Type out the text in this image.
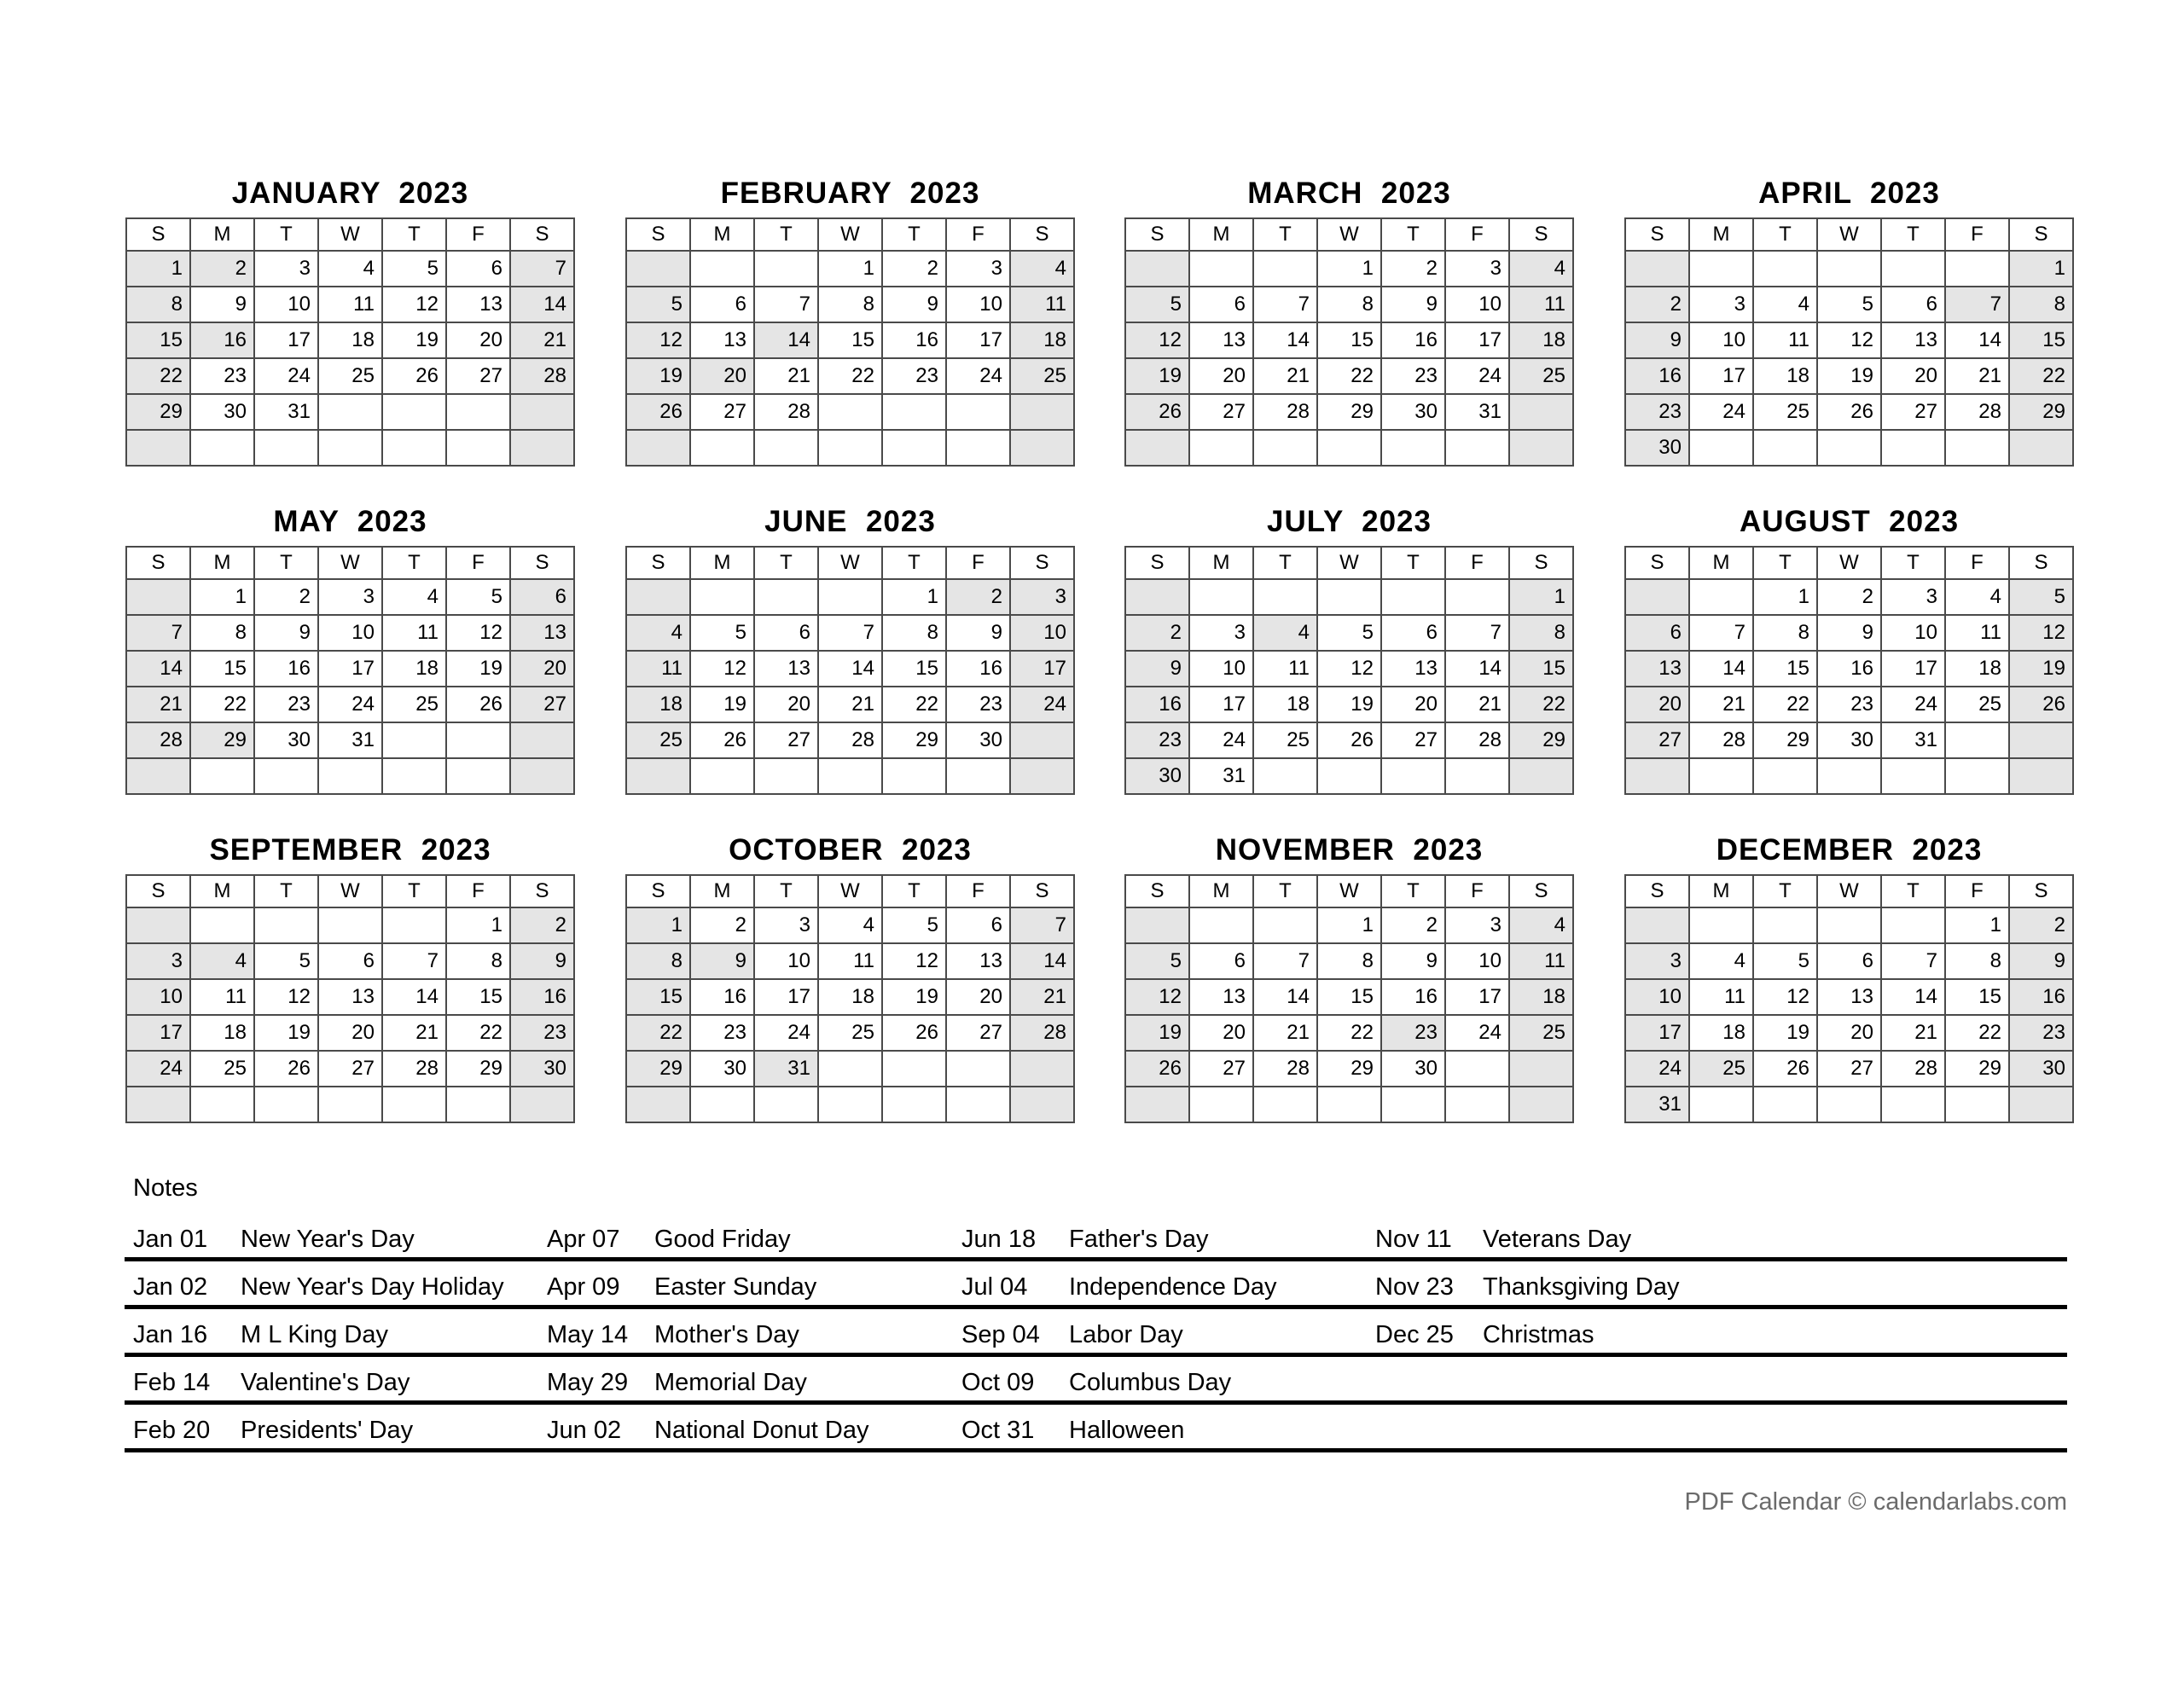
JANUARY  2023
S	M	T	W	T	F	S
1	2	3	4	5	6	7
8	9	10	11	12	13	14
15	16	17	18	19	20	21
22	23	24	25	26	27	28
29	30	31				

FEBRUARY  2023
S	M	T	W	T	F	S
			1	2	3	4
5	6	7	8	9	10	11
12	13	14	15	16	17	18
19	20	21	22	23	24	25
26	27	28				

MARCH  2023
S	M	T	W	T	F	S
			1	2	3	4
5	6	7	8	9	10	11
12	13	14	15	16	17	18
19	20	21	22	23	24	25
26	27	28	29	30	31	

APRIL  2023
S	M	T	W	T	F	S
						1
2	3	4	5	6	7	8
9	10	11	12	13	14	15
16	17	18	19	20	21	22
23	24	25	26	27	28	29
30						
MAY  2023
S	M	T	W	T	F	S
	1	2	3	4	5	6
7	8	9	10	11	12	13
14	15	16	17	18	19	20
21	22	23	24	25	26	27
28	29	30	31			

JUNE  2023
S	M	T	W	T	F	S
				1	2	3
4	5	6	7	8	9	10
11	12	13	14	15	16	17
18	19	20	21	22	23	24
25	26	27	28	29	30	

JULY  2023
S	M	T	W	T	F	S
						1
2	3	4	5	6	7	8
9	10	11	12	13	14	15
16	17	18	19	20	21	22
23	24	25	26	27	28	29
30	31					
AUGUST  2023
S	M	T	W	T	F	S
		1	2	3	4	5
6	7	8	9	10	11	12
13	14	15	16	17	18	19
20	21	22	23	24	25	26
27	28	29	30	31		

SEPTEMBER  2023
S	M	T	W	T	F	S
					1	2
3	4	5	6	7	8	9
10	11	12	13	14	15	16
17	18	19	20	21	22	23
24	25	26	27	28	29	30

OCTOBER  2023
S	M	T	W	T	F	S
1	2	3	4	5	6	7
8	9	10	11	12	13	14
15	16	17	18	19	20	21
22	23	24	25	26	27	28
29	30	31				

NOVEMBER  2023
S	M	T	W	T	F	S
			1	2	3	4
5	6	7	8	9	10	11
12	13	14	15	16	17	18
19	20	21	22	23	24	25
26	27	28	29	30		

DECEMBER  2023
S	M	T	W	T	F	S
					1	2
3	4	5	6	7	8	9
10	11	12	13	14	15	16
17	18	19	20	21	22	23
24	25	26	27	28	29	30
31						
Notes
Jan 01 New Year's Day	Apr 07 Good Friday	Jun 18 Father's Day	Nov 11 Veterans Day
Jan 02 New Year's Day Holiday Apr 09 Easter Sunday	Jul 04 Independence Day	Nov 23 Thanksgiving Day
Jan 16 M L King Day	May 14 Mother's Day	Sep 04 Labor Day	Dec 25 Christmas
Feb 14 Valentine's Day	May 29 Memorial Day	Oct 09 Columbus Day
Feb 20 Presidents' Day	Jun 02 National Donut Day	Oct 31 Halloween
PDF Calendar © calendarlabs.com
